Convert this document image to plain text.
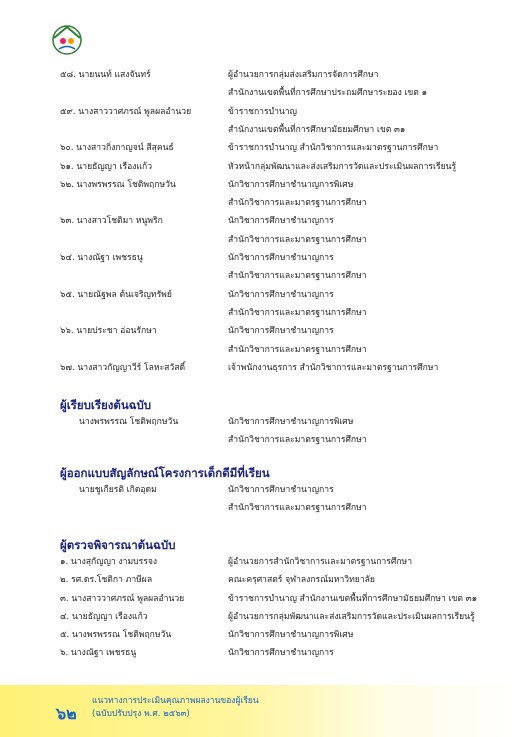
๕๘. นายนนท์ แสงจันทร์	ผู้อำนวยการกลุ่มส่งเสริมการจัดการศึกษา
สำนักงานเขตพื้นที่การศึกษาประถมศึกษาระยอง เขต ๑
๕๙. นางสาววาศภรณ์ พูลผลอำนวย	ข้าราชการบำนาญ
สำนักงานเขตพื้นที่การศึกษามัธยมศึกษา เขต ๓๑
๖๐. นางสาวกิ่งกาญจน์ สีสุคนธ์	ข้าราชการบำนาญ สำนักวิชาการและมาตรฐานการศึกษา
๖๑. นายธัญญา เรืองแก้ว	หัวหน้ากลุ่มพัฒนาและส่งเสริมการวัดและประเมินผลการเรียนรู้
๖๒. นางพรพรรณ โชติพฤกษวัน	นักวิชาการศึกษาชำนาญการพิเศษ
สำนักวิชาการและมาตรฐานการศึกษา
๖๓. นางสาวโชติมา หนูพริก	นักวิชาการศึกษาชำนาญการ
สำนักวิชาการและมาตรฐานการศึกษา
๖๔. นางณัฐา เพชรธนู	นักวิชาการศึกษาชำนาญการ
สำนักวิชาการและมาตรฐานการศึกษา
๖๕. นายณัฐพล ต้นเจริญทรัพย์	นักวิชาการศึกษาชำนาญการ
สำนักวิชาการและมาตรฐานการศึกษา
๖๖. นายประชา อ่อนรักษา	นักวิชาการศึกษาชำนาญการ
สำนักวิชาการและมาตรฐานการศึกษา
๖๗. นางสาวกัญญาวีร์ โลหะสวัสดิ์	เจ้าพนักงานธุรการ สำนักวิชาการและมาตรฐานการศึกษา
ผู้เรียบเรียงต้นฉบับ
นางพรพรรณ โชติพฤกษวัน	นักวิชาการศึกษาชำนาญการพิเศษ
สำนักวิชาการและมาตรฐานการศึกษา
ผู้ออกแบบสัญลักษณ์โครงการเด็กดีมีที่เรียน
นายชูเกียรติ เกิดอุดม	นักวิชาการศึกษาชำนาญการ
สำนักวิชาการและมาตรฐานการศึกษา
ผู้ตรวจพิจารณาต้นฉบับ
๑. นางสุกัญญา งามบรรจง	ผู้อำนวยการสำนักวิชาการและมาตรฐานการศึกษา
๒. รศ.ดร.โชติกา ภาษีผล	คณะครุศาสตร์ จุฬาลงกรณ์มหาวิทยาลัย
๓. นางสาววาศภรณ์ พูลผลอำนวย	ข้าราชการบำนาญ สำนักงานเขตพื้นที่การศึกษามัธยมศึกษา เขต ๓๑
๔. นายธัญญา เรืองแก้ว	ผู้อำนวยการกลุ่มพัฒนาและส่งเสริมการวัดและประเมินผลการเรียนรู้
๕. นางพรพรรณ โชติพฤกษวัน	นักวิชาการศึกษาชำนาญการพิเศษ
๖. นางณัฐา เพชรธนู	นักวิชาการศึกษาชำนาญการ
๖๒
แนวทางการประเมินคุณภาพผลงานของผู้เรียน
(ฉบับปรับปรุง พ.ศ. ๒๕๖๓)
